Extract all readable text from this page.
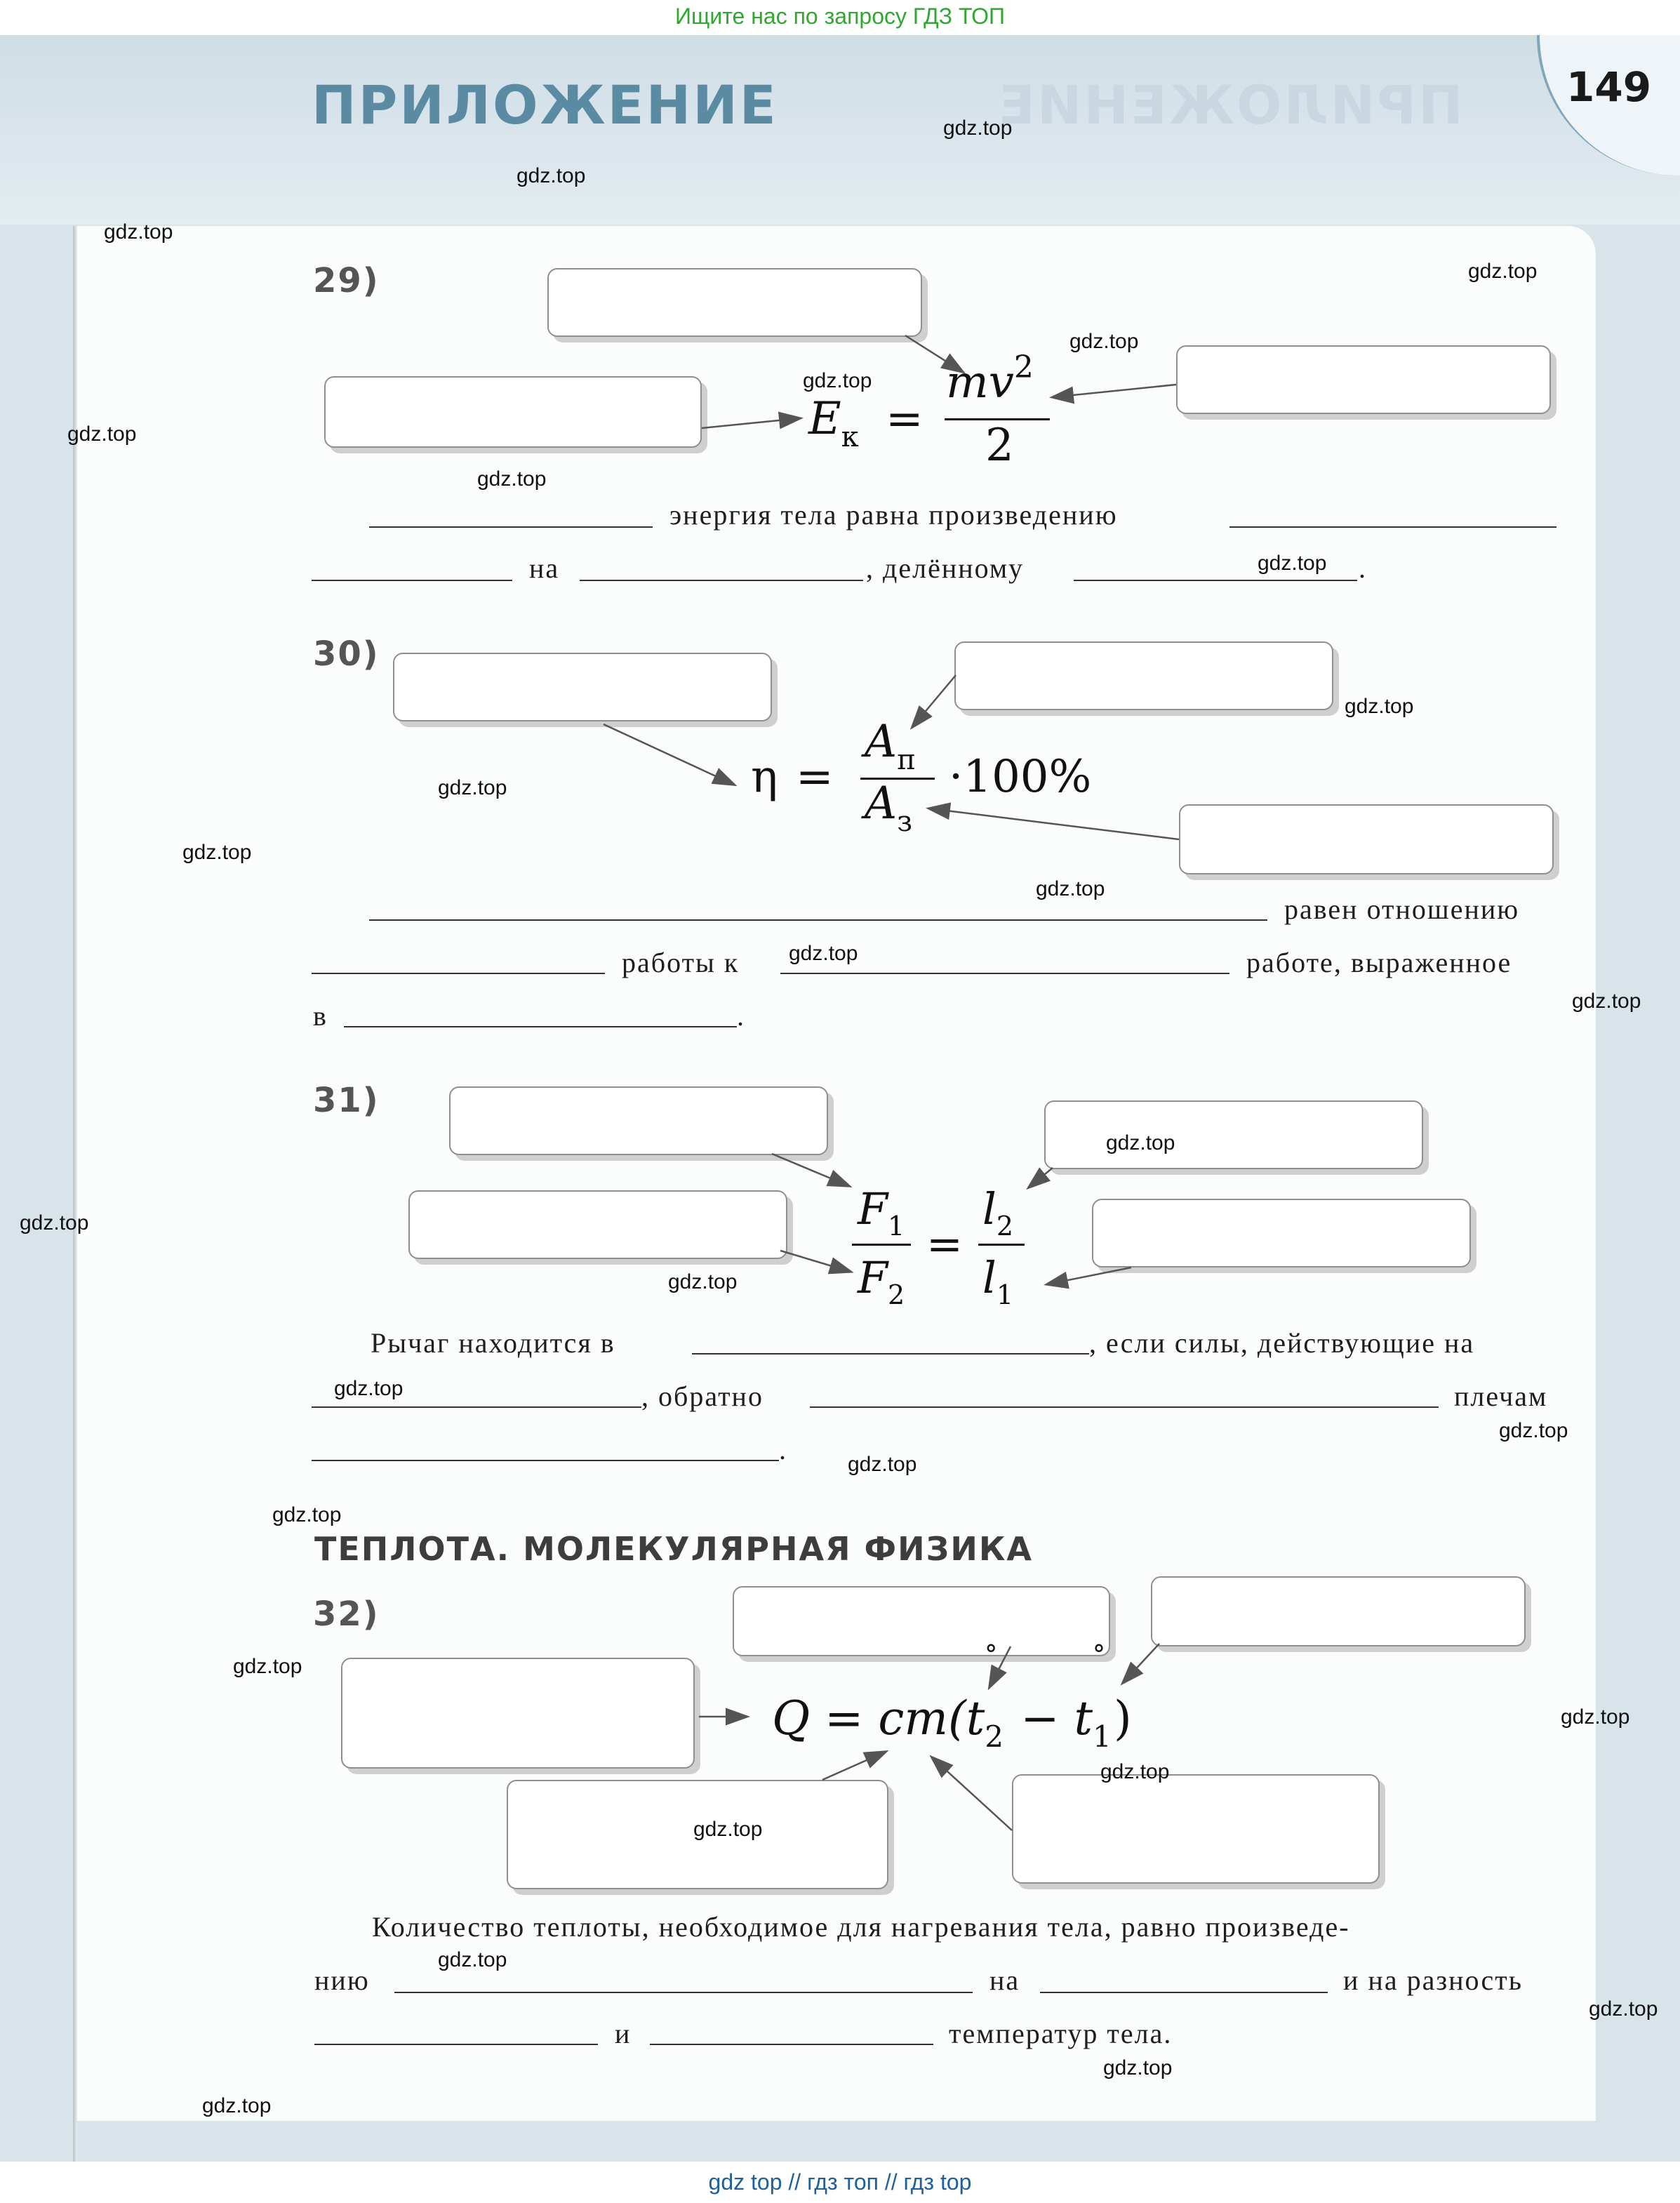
Ищите нас по запросу ГДЗ ТОП
ПРИЛОЖЕНИЕ
ПРИЛОЖЕНИЕ	149
29)
$E_к$ =
$mv^2$
2
энергия тела равна произведению
на	, делённому	.
30)
η =
$A_п$
$A_з$
·100%
равен отношению
работы к	работе, выраженное
в	.
31)
$F_1$
$F_2$
=
$l_2$
$l_1$
Рычаг находится в	, если силы, действующие на
, обратно	плечам
.
ТЕПЛОТА. МОЛЕКУЛЯРНАЯ ФИЗИКА
32)
Q = cm(t
°
$_2$ − t
°
$_1$)
Количество теплоты, необходимое для нагревания тела, равно произведе-
нию	на	и на разность
и	температур тела.
gdz.top
gdz.top
gdz.top
gdz.top
gdz.top
gdz.top
gdz.top
gdz.top
gdz.top
gdz.top
gdz.top
gdz.top
gdz.top
gdz.top
gdz.top
gdz.top
gdz.top
gdz.top
gdz.top
gdz.top
gdz.top
gdz.top
gdz.top
gdz.top
gdz.top
gdz.top
gdz.top
gdz.top
gdz.top
gdz.top
gdz top // гдз топ // гдз top
